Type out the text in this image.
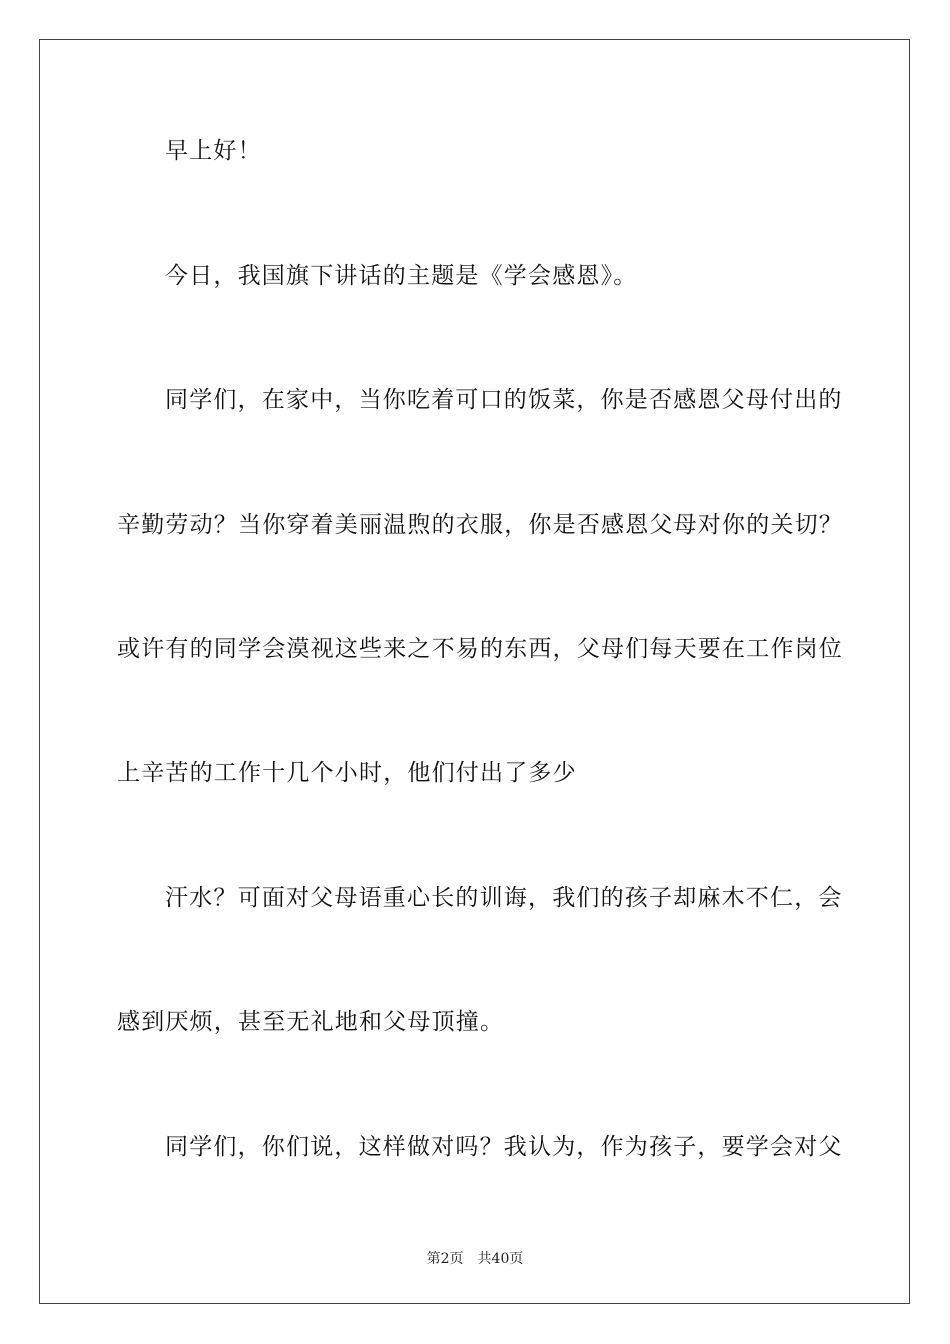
早上好！
今日，我国旗下讲话的主题是《学会感恩》。
同学们，在家中，当你吃着可口的饭菜，你是否感恩父母付出的
辛勤劳动？当你穿着美丽温煦的衣服，你是否感恩父母对你的关切？
或许有的同学会漠视这些来之不易的东西，父母们每天要在工作岗位
上辛苦的工作十几个小时，他们付出了多少
汗水？可面对父母语重心长的训诲，我们的孩子却麻木不仁，会
感到厌烦，甚至无礼地和父母顶撞。
同学们，你们说，这样做对吗？我认为，作为孩子，要学会对父
第2页 共40页
